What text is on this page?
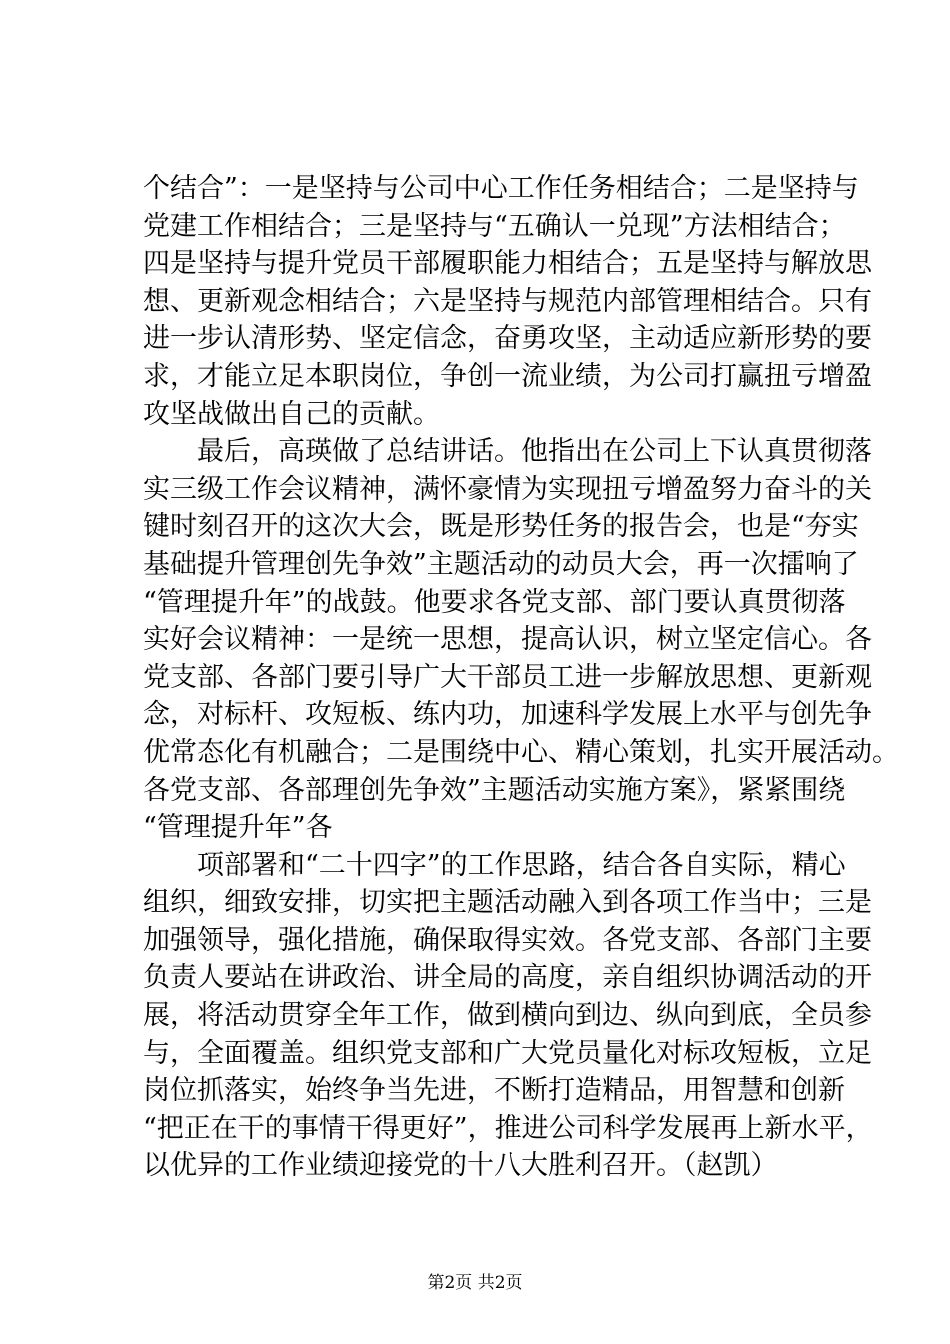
个结合”：一是坚持与公司中心工作任务相结合；二是坚持与
党建工作相结合；三是坚持与“五确认一兑现”方法相结合；
四是坚持与提升党员干部履职能力相结合；五是坚持与解放思
想、更新观念相结合；六是坚持与规范内部管理相结合。只有
进一步认清形势、坚定信念，奋勇攻坚，主动适应新形势的要
求，才能立足本职岗位，争创一流业绩，为公司打赢扭亏增盈
攻坚战做出自己的贡献。
最后，高瑛做了总结讲话。他指出在公司上下认真贯彻落
实三级工作会议精神，满怀豪情为实现扭亏增盈努力奋斗的关
键时刻召开的这次大会，既是形势任务的报告会，也是“夯实
基础提升管理创先争效”主题活动的动员大会，再一次擂响了
“管理提升年”的战鼓。他要求各党支部、部门要认真贯彻落
实好会议精神：一是统一思想，提高认识，树立坚定信心。各
党支部、各部门要引导广大干部员工进一步解放思想、更新观
念，对标杆、攻短板、练内功，加速科学发展上水平与创先争
优常态化有机融合；二是围绕中心、精心策划，扎实开展活动。
各党支部、各部理创先争效”主题活动实施方案》，紧紧围绕
“管理提升年”各
项部署和“二十四字”的工作思路，结合各自实际，精心
组织，细致安排，切实把主题活动融入到各项工作当中；三是
加强领导，强化措施，确保取得实效。各党支部、各部门主要
负责人要站在讲政治、讲全局的高度，亲自组织协调活动的开
展，将活动贯穿全年工作，做到横向到边、纵向到底，全员参
与，全面覆盖。组织党支部和广大党员量化对标攻短板，立足
岗位抓落实，始终争当先进，不断打造精品，用智慧和创新
“把正在干的事情干得更好”，推进公司科学发展再上新水平，
以优异的工作业绩迎接党的十八大胜利召开。（赵凯）
第2页 共2页
